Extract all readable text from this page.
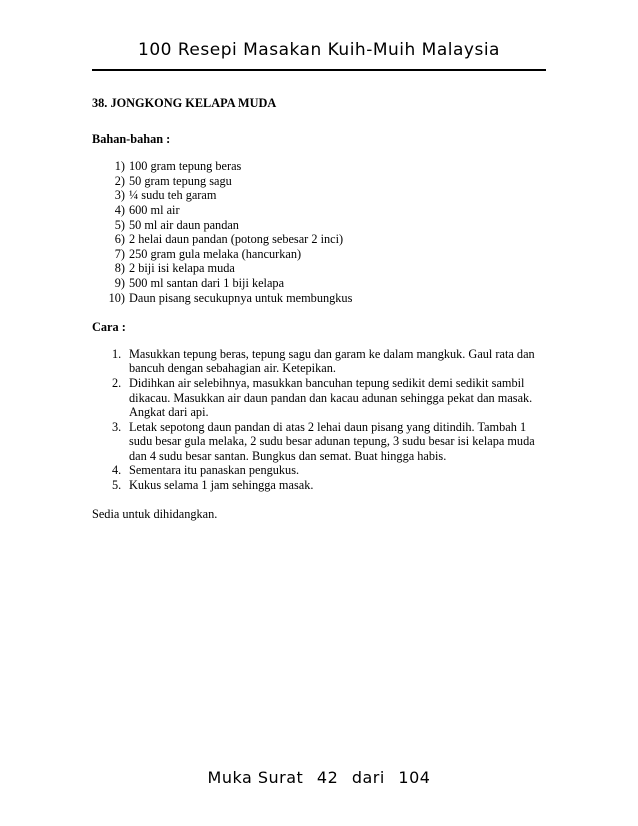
100 Resepi Masakan Kuih-Muih Malaysia
38. JONGKONG KELAPA MUDA
Bahan-bahan :
1) 100 gram tepung beras
2) 50 gram tepung sagu
3) ¼ sudu teh garam
4) 600 ml air
5) 50 ml air daun pandan
6) 2 helai daun pandan (potong sebesar 2 inci)
7) 250 gram gula melaka (hancurkan)
8) 2 biji isi kelapa muda
9) 500 ml santan dari 1 biji kelapa
10) Daun pisang secukupnya untuk membungkus
Cara :
1. Masukkan tepung beras, tepung sagu dan garam ke dalam mangkuk. Gaul rata dan bancuh dengan sebahagian air. Ketepikan.
2. Didihkan air selebihnya, masukkan bancuhan tepung sedikit demi sedikit sambil dikacau. Masukkan air daun pandan dan kacau adunan sehingga pekat dan masak. Angkat dari api.
3. Letak sepotong daun pandan di atas 2 lehai daun pisang yang ditindih. Tambah 1 sudu besar gula melaka, 2 sudu besar adunan tepung, 3 sudu besar isi kelapa muda dan 4 sudu besar santan. Bungkus dan semat. Buat hingga habis.
4. Sementara itu panaskan pengukus.
5. Kukus selama 1 jam sehingga masak.

Sedia untuk dihidangkan.

Muka Surat 42 dari 104
